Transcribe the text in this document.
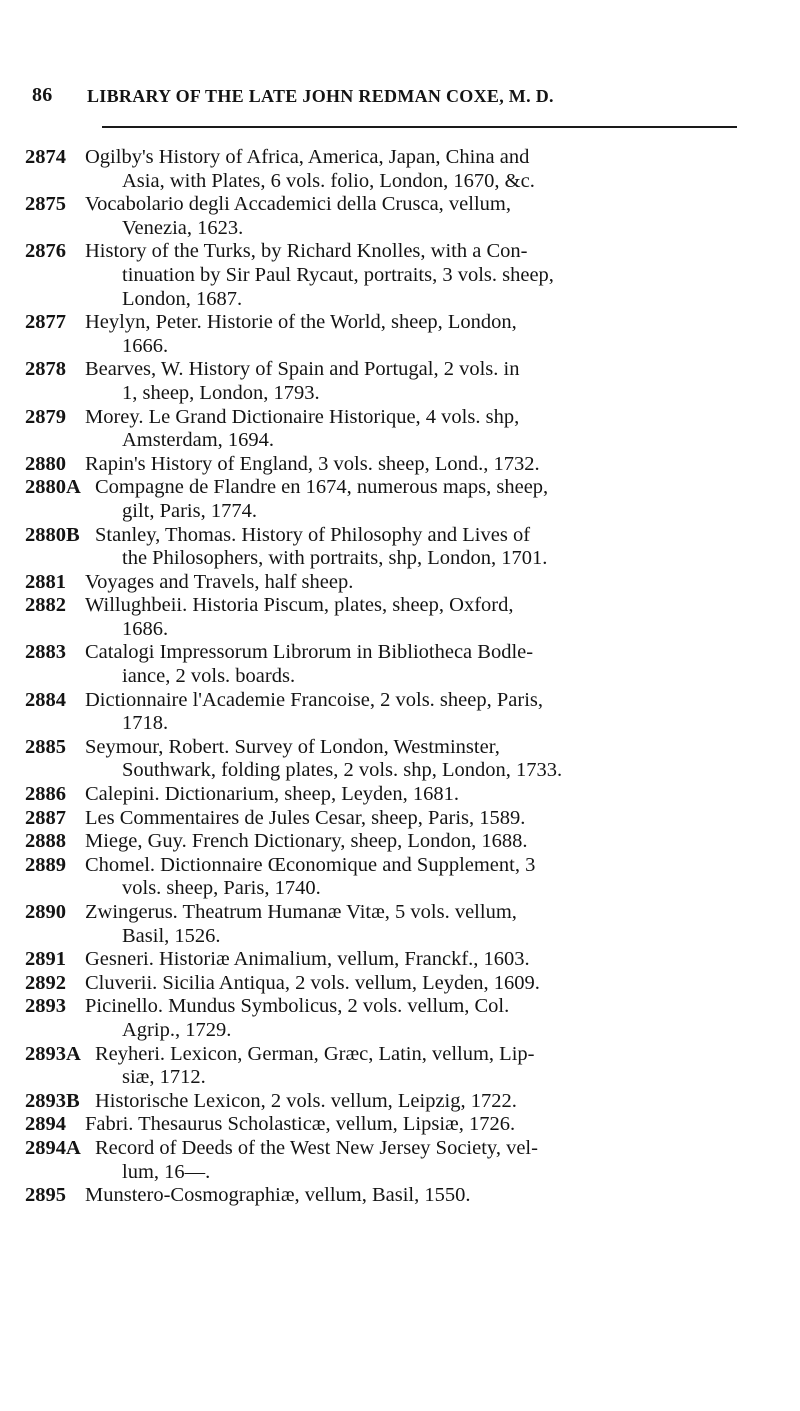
86 LIBRARY OF THE LATE JOHN REDMAN COXE, M. D.
2874 Ogilby's History of Africa, America, Japan, China and
Asia, with Plates, 6 vols. folio, London, 1670, &c.
2875 Vocabolario degli Accademici della Crusca, vellum,
Venezia, 1623.
2876 History of the Turks, by Richard Knolles, with a Con-
tinuation by Sir Paul Rycaut, portraits, 3 vols. sheep,
London, 1687.
2877 Heylyn, Peter. Historie of the World, sheep, London,
1666.
2878 Bearves, W. History of Spain and Portugal, 2 vols. in
1, sheep, London, 1793.
2879 Morey. Le Grand Dictionaire Historique, 4 vols. shp,
Amsterdam, 1694.
2880 Rapin's History of England, 3 vols. sheep, Lond., 1732.
2880A Compagne de Flandre en 1674, numerous maps, sheep,
gilt, Paris, 1774.
2880B Stanley, Thomas. History of Philosophy and Lives of
the Philosophers, with portraits, shp, London, 1701.
2881 Voyages and Travels, half sheep.
2882 Willughbeii. Historia Piscum, plates, sheep, Oxford,
1686.
2883 Catalogi Impressorum Librorum in Bibliotheca Bodle-
iance, 2 vols. boards.
2884 Dictionnaire l'Academie Francoise, 2 vols. sheep, Paris,
1718.
2885 Seymour, Robert. Survey of London, Westminster,
Southwark, folding plates, 2 vols. shp, London, 1733.
2886 Calepini. Dictionarium, sheep, Leyden, 1681.
2887 Les Commentaires de Jules Cesar, sheep, Paris, 1589.
2888 Miege, Guy. French Dictionary, sheep, London, 1688.
2889 Chomel. Dictionnaire Œconomique and Supplement, 3
vols. sheep, Paris, 1740.
2890 Zwingerus. Theatrum Humanæ Vitæ, 5 vols. vellum,
Basil, 1526.
2891 Gesneri. Historiæ Animalium, vellum, Franckf., 1603.
2892 Cluverii. Sicilia Antiqua, 2 vols. vellum, Leyden, 1609.
2893 Picinello. Mundus Symbolicus, 2 vols. vellum, Col.
Agrip., 1729.
2893A Reyheri. Lexicon, German, Græc, Latin, vellum, Lip-
siæ, 1712.
2893B Historische Lexicon, 2 vols. vellum, Leipzig, 1722.
2894 Fabri. Thesaurus Scholasticæ, vellum, Lipsiæ, 1726.
2894A Record of Deeds of the West New Jersey Society, vel-
lum, 16—.
2895 Munstero-Cosmographiæ, vellum, Basil, 1550.
